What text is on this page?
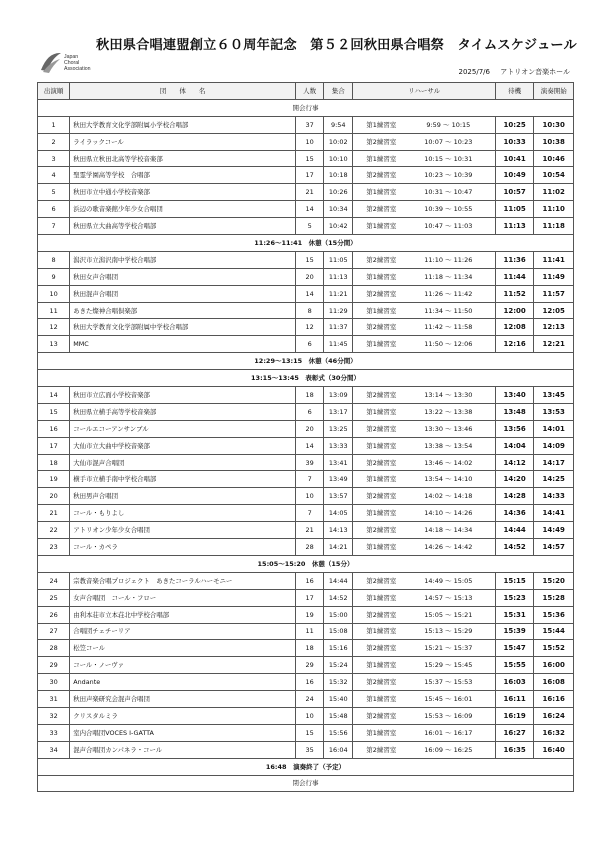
Japan
Choral
Association
秋田県合唱連盟創立６０周年記念　第５２回秋田県合唱祭　タイムスケジュール
2025/7/6 アトリオン音楽ホール
出演順	団　　体　　名	人数	集合	リハーサル	待機	演奏開始
開会行事						
1	秋田大学教育文化学部附属小学校合唱部	37	9:54	第1練習室 9:59 ～ 10:15	10:25	10:30
2	ライラックコール	10	10:02	第2練習室 10:07 ～ 10:23	10:33	10:38
3	秋田県立秋田北高等学校音楽部	15	10:10	第1練習室 10:15 ～ 10:31	10:41	10:46
4	聖霊学園高等学校　合唱部	17	10:18	第2練習室 10:23 ～ 10:39	10:49	10:54
5	秋田市立中通小学校音楽部	21	10:26	第1練習室 10:31 ～ 10:47	10:57	11:02
6	浜辺の歌音楽館少年少女合唱団	14	10:34	第2練習室 10:39 ～ 10:55	11:05	11:10
7	秋田県立大曲高等学校合唱部	5	10:42	第1練習室 10:47 ～ 11:03	11:13	11:18
11:26～11:41　休憩（15分間）						
8	潟沢市立潟沢南中学校合唱部	15	11:05	第2練習室 11:10 ～ 11:26	11:36	11:41
9	秋田女声合唱団	20	11:13	第1練習室 11:18 ～ 11:34	11:44	11:49
10	秋田混声合唱団	14	11:21	第2練習室 11:26 ～ 11:42	11:52	11:57
11	あきた燦神合唱倶楽部	8	11:29	第1練習室 11:34 ～ 11:50	12:00	12:05
12	秋田大学教育文化学部附属中学校合唱部	12	11:37	第2練習室 11:42 ～ 11:58	12:08	12:13
13	MMC	6	11:45	第1練習室 11:50 ～ 12:06	12:16	12:21
12:29～13:15　休憩（46分間）						
13:15～13:45　表彰式（30分間）						
14	秋田市立広面小学校音楽部	18	13:09	第2練習室 13:14 ～ 13:30	13:40	13:45
15	秋田県立横手高等学校音楽部	6	13:17	第1練習室 13:22 ～ 13:38	13:48	13:53
16	コールエコーアンサンブル	20	13:25	第2練習室 13:30 ～ 13:46	13:56	14:01
17	大仙市立大曲中学校音楽部	14	13:33	第1練習室 13:38 ～ 13:54	14:04	14:09
18	大仙市混声合唱団	39	13:41	第2練習室 13:46 ～ 14:02	14:12	14:17
19	横手市立横手南中学校合唱部	7	13:49	第1練習室 13:54 ～ 14:10	14:20	14:25
20	秋田男声合唱団	10	13:57	第2練習室 14:02 ～ 14:18	14:28	14:33
21	コール・もりよし	7	14:05	第1練習室 14:10 ～ 14:26	14:36	14:41
22	アトリオン少年少女合唱団	21	14:13	第2練習室 14:18 ～ 14:34	14:44	14:49
23	コール・カペラ	28	14:21	第1練習室 14:26 ～ 14:42	14:52	14:57
15:05～15:20　休憩（15分）						
24	宗教音楽合唱プロジェクト　あきたコーラルハーモニー	16	14:44	第2練習室 14:49 ～ 15:05	15:15	15:20
25	女声合唱団　コール・フロー	17	14:52	第1練習室 14:57 ～ 15:13	15:23	15:28
26	由利本荘市立本荘北中学校合唱部	19	15:00	第2練習室 15:05 ～ 15:21	15:31	15:36
27	合唱団チェチーリア	11	15:08	第1練習室 15:13 ～ 15:29	15:39	15:44
28	松笠コール	18	15:16	第2練習室 15:21 ～ 15:37	15:47	15:52
29	コール・ノーヴァ	29	15:24	第1練習室 15:29 ～ 15:45	15:55	16:00
30	Andante	16	15:32	第2練習室 15:37 ～ 15:53	16:03	16:08
31	秋田声楽研究会混声合唱団	24	15:40	第1練習室 15:45 ～ 16:01	16:11	16:16
32	クリスタルミラ	10	15:48	第2練習室 15:53 ～ 16:09	16:19	16:24
33	室内合唱団VOCES I-GATTA	15	15:56	第1練習室 16:01 ～ 16:17	16:27	16:32
34	混声合唱団カンパネラ・コール	35	16:04	第2練習室 16:09 ～ 16:25	16:35	16:40
16:48　演奏終了（予定）						
閉会行事						
